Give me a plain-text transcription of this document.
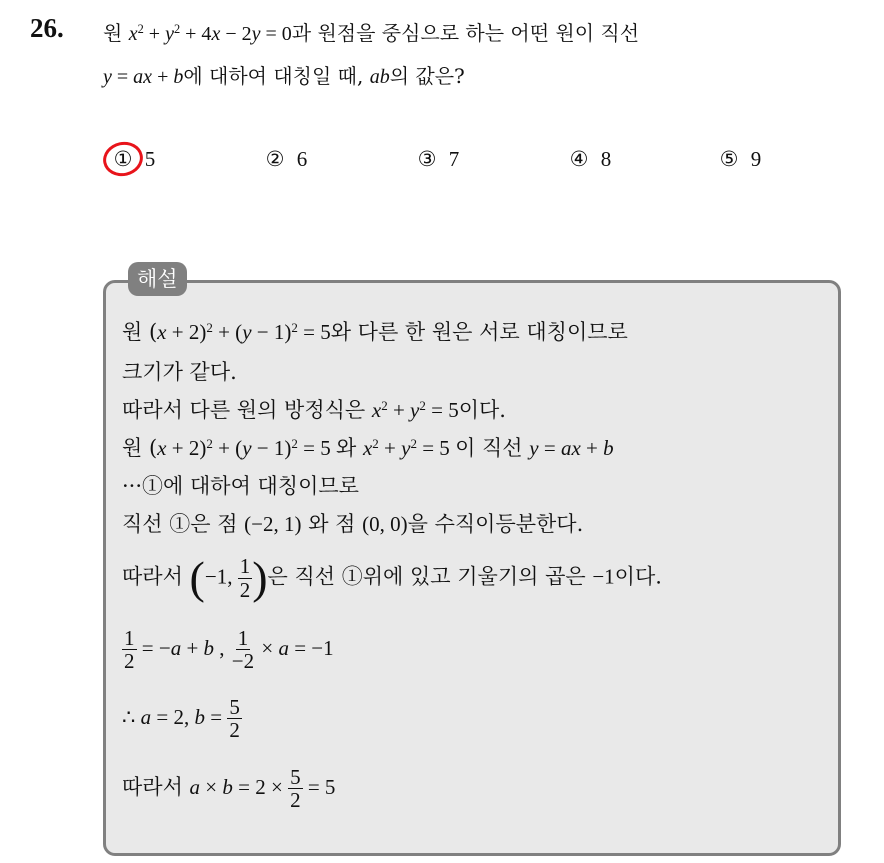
26. 원 $x^2 + y^2 + 4x - 2y = 0$과 원점을 중심으로 하는 어떤 원이 직선
y = ax + b에 대하여 대칭일 때, ab의 값은?
① 5	② 6	③ 7	④ 8	⑤ 9
해설
원 $(x + 2)^2 + (y - 1)^2 = 5$와 다른 한 원은 서로 대칭이므로
크기가 같다.
따라서 다른 원의 방정식은 $x^2 + y^2 = 5$이다.
원 $(x + 2)^2 + (y - 1)^2 = 5$ 와 $x^2 + y^2 = 5$ 이 직선 y = ax + b
···①에 대하여 대칭이므로
직선 ①은 점 (−2, 1) 와 점 (0, 0)을 수직이등분한다.
따라서 (−1, $\frac{1}{2}$ )은 직선 ①위에 있고 기울기의 곱은 −1이다.
$\frac{1}{2} = -a + b$ , $\frac{1}{-2} \times a = -1$
∴ a = 2, $b = \frac{5}{2}$
따라서 $a \times b = 2 \times \frac{5}{2} = 5$
